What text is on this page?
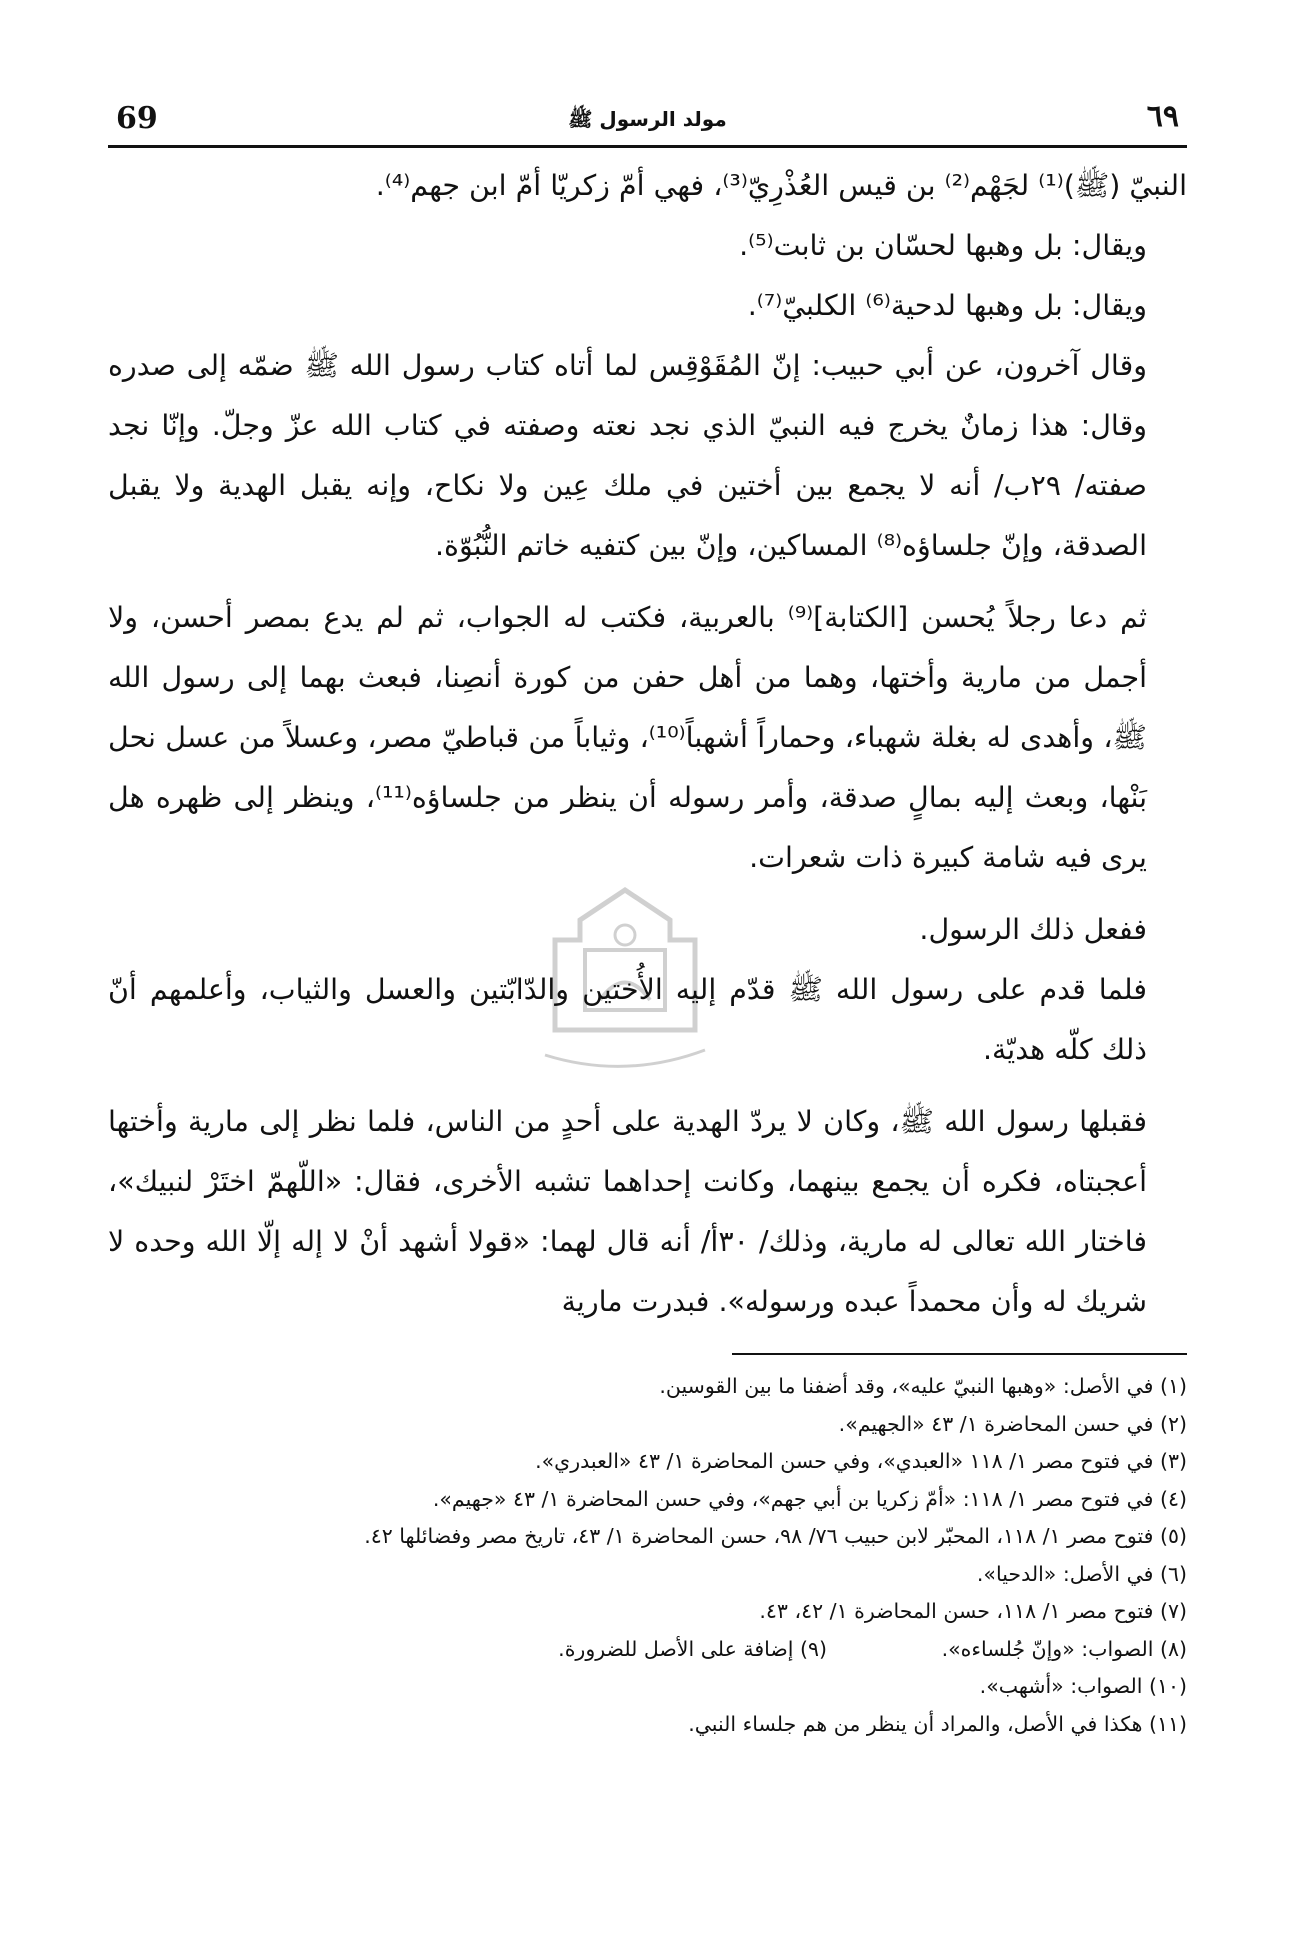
69	مولد الرسول ﷺ	٦٩

النبيّ (ﷺ)⁽¹⁾ لجَهْم⁽²⁾ بن قيس العُذْرِيّ⁽³⁾، فهي أمّ زكريّا أمّ ابن جهم⁽⁴⁾.

ويقال: بل وهبها لحسّان بن ثابت⁽⁵⁾.

ويقال: بل وهبها لدحية⁽⁶⁾ الكلبيّ⁽⁷⁾.

وقال آخرون، عن أبي حبيب: إنّ المُقَوْقِس لما أتاه كتاب رسول الله ﷺ ضمّه إلى صدره وقال: هذا زمانٌ يخرج فيه النبيّ الذي نجد نعته وصفته في كتاب الله عزّ وجلّ. وإنّا نجد صفته/ ٢٩ب/ أنه لا يجمع بين أختين في ملك عِين ولا نكاح، وإنه يقبل الهدية ولا يقبل الصدقة، وإنّ جلساؤه⁽⁸⁾ المساكين، وإنّ بين كتفيه خاتم النُّبُوّة.

ثم دعا رجلاً يُحسن [الكتابة]⁽⁹⁾ بالعربية، فكتب له الجواب، ثم لم يدع بمصر أحسن، ولا أجمل من مارية وأختها، وهما من أهل حفن من كورة أنصِنا، فبعث بهما إلى رسول الله ﷺ، وأهدى له بغلة شهباء، وحماراً أشهباً⁽¹⁰⁾، وثياباً من قباطيّ مصر، وعسلاً من عسل نحل بَنْها، وبعث إليه بمالٍ صدقة، وأمر رسوله أن ينظر من جلساؤه⁽¹¹⁾، وينظر إلى ظهره هل يرى فيه شامة كبيرة ذات شعرات.

ففعل ذلك الرسول.

فلما قدم على رسول الله ﷺ قدّم إليه الأُختين والدّابّتين والعسل والثياب، وأعلمهم أنّ ذلك كلّه هديّة.

فقبلها رسول الله ﷺ، وكان لا يردّ الهدية على أحدٍ من الناس، فلما نظر إلى مارية وأختها أعجبتاه، فكره أن يجمع بينهما، وكانت إحداهما تشبه الأخرى، فقال: «اللّهمّ اختَرْ لنبيك»، فاختار الله تعالى له مارية، وذلك/ ٣٠أ/ أنه قال لهما: «قولا أشهد أنْ لا إله إلّا الله وحده لا شريك له وأن محمداً عبده ورسوله». فبدرت مارية

(١) في الأصل: «وهبها النبيّ عليه»، وقد أضفنا ما بين القوسين.

(٢) في حسن المحاضرة ١/ ٤٣ «الجهيم».

(٣) في فتوح مصر ١/ ١١٨ «العبدي»، وفي حسن المحاضرة ١/ ٤٣ «العبدري».

(٤) في فتوح مصر ١/ ١١٨: «أمّ زكريا بن أبي جهم»، وفي حسن المحاضرة ١/ ٤٣ «جهيم».

(٥) فتوح مصر ١/ ١١٨، المحبّر لابن حبيب ٧٦/ ٩٨، حسن المحاضرة ١/ ٤٣، تاريخ مصر وفضائلها ٤٢.

(٦) في الأصل: «الدحيا».

(٧) فتوح مصر ١/ ١١٨، حسن المحاضرة ١/ ٤٢، ٤٣.

(٨) الصواب: «وإنّ جُلساءه».

(٩) إضافة على الأصل للضرورة.

(١٠) الصواب: «أشهب».

(١١) هكذا في الأصل، والمراد أن ينظر من هم جلساء النبي.
